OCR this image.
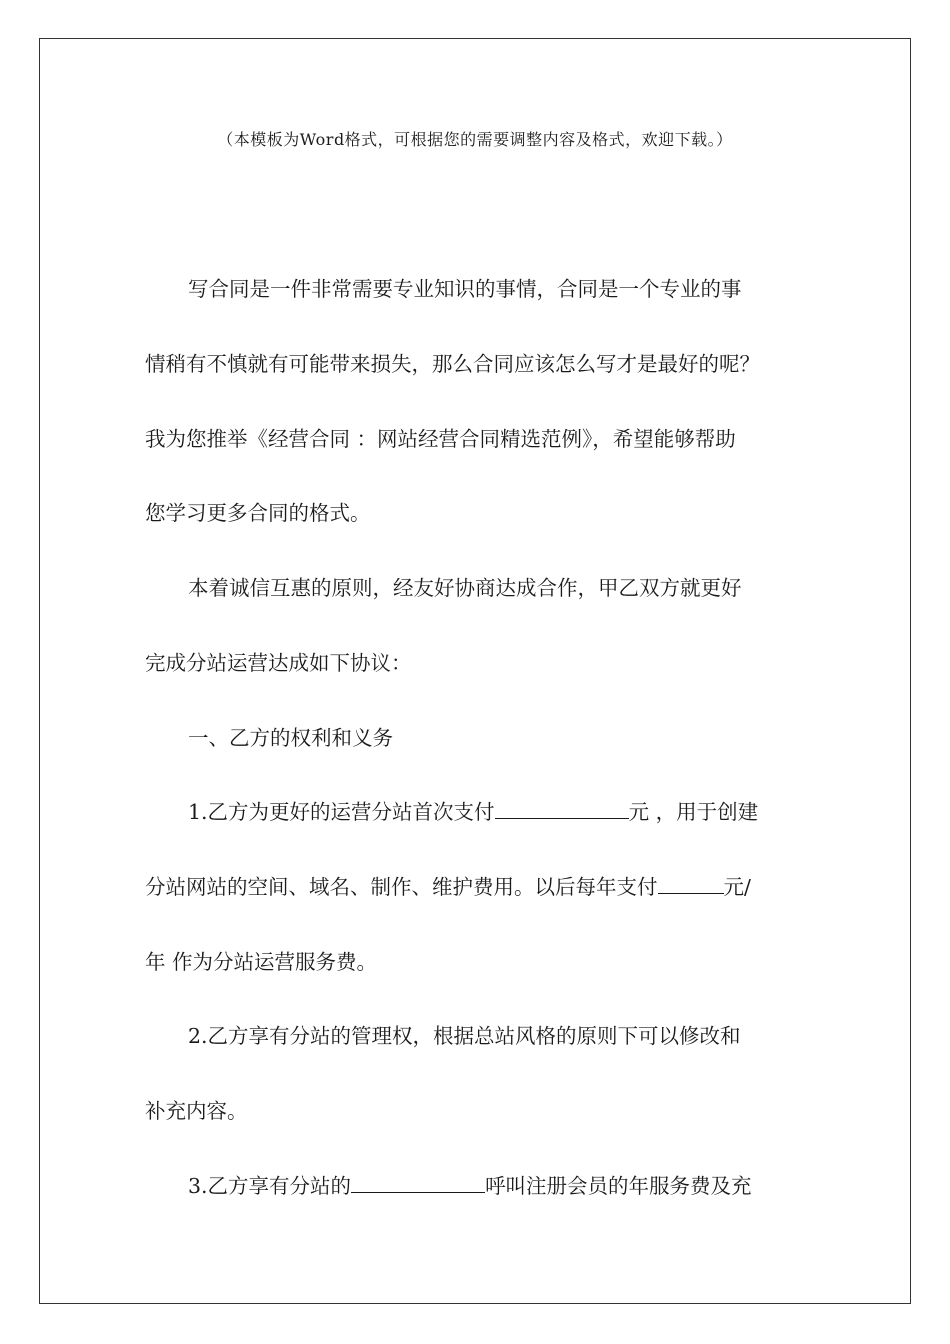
（本模板为Word格式，可根据您的需要调整内容及格式，欢迎下载。）
写合同是一件非常需要专业知识的事情，合同是一个专业的事
情稍有不慎就有可能带来损失，那么合同应该怎么写才是最好的呢？
我为您推举《经营合同 ：网站经营合同精选范例》，希望能够帮助
您学习更多合同的格式。
本着诚信互惠的原则，经友好协商达成合作，甲乙双方就更好
完成分站运营达成如下协议：
一、乙方的权利和义务
1.乙方为更好的运营分站首次支付	元 ，用于创建
分站网站的空间、域名、制作、维护费用。以后每年支付	元/
年 作为分站运营服务费。
2.乙方享有分站的管理权，根据总站风格的原则下可以修改和
补充内容。
3.乙方享有分站的	呼叫注册会员的年服务费及充
